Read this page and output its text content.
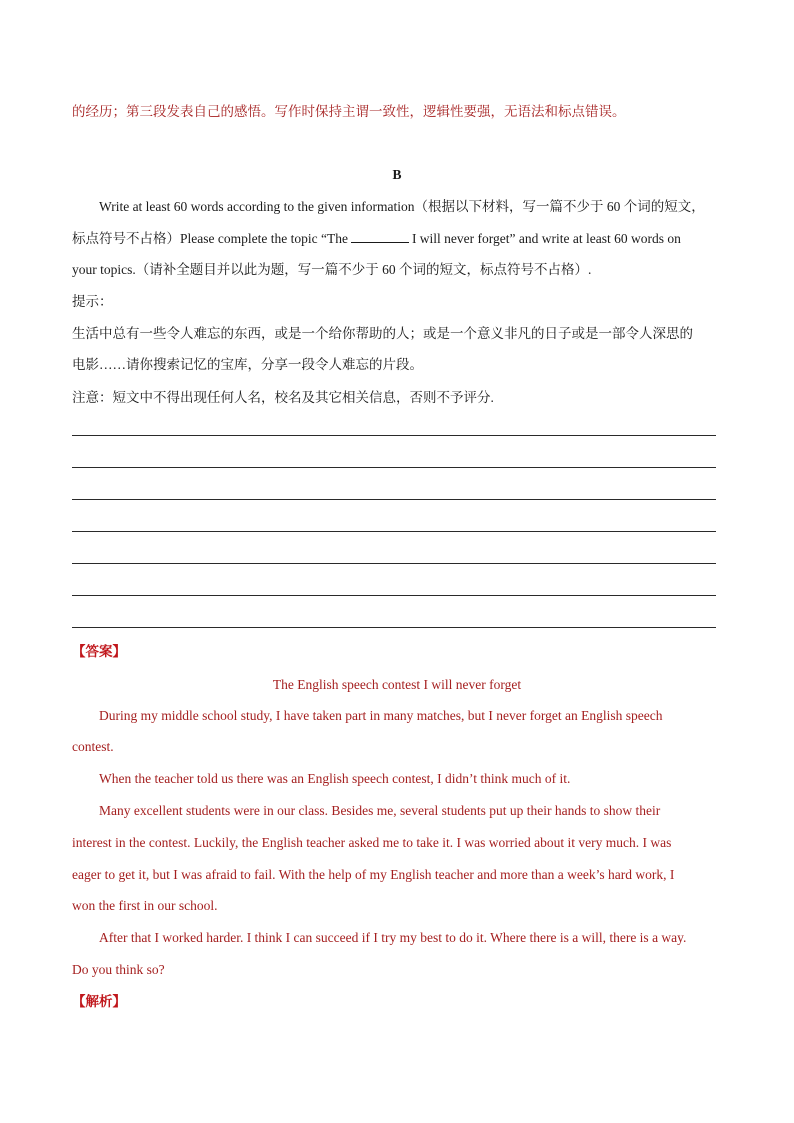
的经历；第三段发表自己的感悟。写作时保持主谓一致性，逻辑性要强，无语法和标点错误。
B
Write at least 60 words according to the given information（根据以下材料，写一篇不少于 60 个词的短文，
标点符号不占格）Please complete the topic “The	I will never forget” and write at least 60 words on
your topics.（请补全题目并以此为题，写一篇不少于 60 个词的短文，标点符号不占格）.
提示：
生活中总有一些令人难忘的东西，或是一个给你帮助的人；或是一个意义非凡的日子或是一部令人深思的
电影……请你搜索记忆的宝库，分享一段令人难忘的片段。
注意：短文中不得出现任何人名，校名及其它相关信息，否则不予评分.
【答案】
The English speech contest I will never forget
During my middle school study, I have taken part in many matches, but I never forget an English speech
contest.
When the teacher told us there was an English speech contest, I didn’t think much of it.
Many excellent students were in our class. Besides me, several students put up their hands to show their
interest in the contest. Luckily, the English teacher asked me to take it. I was worried about it very much. I was
eager to get it, but I was afraid to fail. With the help of my English teacher and more than a week’s hard work, I
won the first in our school.
After that I worked harder. I think I can succeed if I try my best to do it. Where there is a will, there is a way.
Do you think so?
【解析】
